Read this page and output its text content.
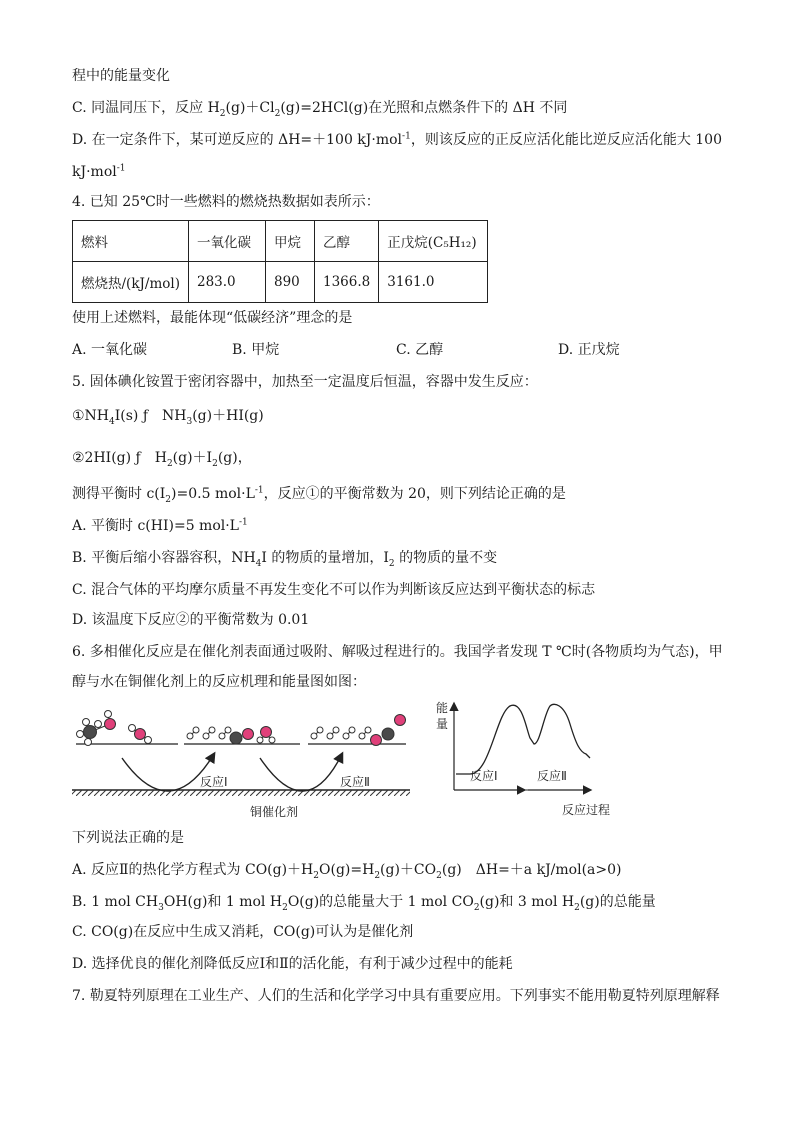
程中的能量变化
C. 同温同压下，反应 $H_2(g)+Cl_2(g)=2HCl(g)$在光照和点燃条件下的 ΔH 不同
D. 在一定条件下，某可逆反应的 ΔH=＋100 kJ·mol$^{-1}$，则该反应的正反应活化能比逆反应活化能大 100
kJ·mol$^{-1}$
4. 已知 25℃时一些燃料的燃烧热数据如表所示：
燃料	一氧化碳	甲烷	乙醇	正戊烷(C₅H₁₂)
燃烧热/(kJ/mol)	283.0	890	1366.8	3161.0
使用上述燃料，最能体现“低碳经济”理念的是
A. 一氧化碳	B. 甲烷	C. 乙醇	D. 正戊烷
5. 固体碘化铵置于密闭容器中，加热至一定温度后恒温，容器中发生反应：
$①NH_4I(s)$ ƒ　$NH_3(g)+HI(g)$
②2HI(g) ƒ　$H_2(g)+I_2(g)$，
测得平衡时 $c(I_2)=0.5$ $mol\cdot L^{-1}$，反应①的平衡常数为 20，则下列结论正确的是
A. 平衡时 c(HI)=5 $mol\cdot L^{-1}$
B. 平衡后缩小容器容积，$NH_4I$ 的物质的量增加，$I_2$ 的物质的量不变
C. 混合气体的平均摩尔质量不再发生变化不可以作为判断该反应达到平衡状态的标志
D. 该温度下反应②的平衡常数为 0.01
6. 多相催化反应是在催化剂表面通过吸附、解吸过程进行的。我国学者发现 T ℃时(各物质均为气态)，甲
醇与水在铜催化剂上的反应机理和能量图如图：
反应Ⅰ	反应Ⅱ
铜催化剂
能
量
反应Ⅰ	反应Ⅱ
反应过程
下列说法正确的是
A. 反应Ⅱ的热化学方程式为 $CO(g)+H_2O(g)=H_2(g)+CO_2(g)$　ΔH=＋a kJ/mol(a>0)
B. 1 mol $CH_3OH(g)$和 1 mol $H_2O(g)$的总能量大于 1 mol $CO_2(g)$和 3 mol $H_2(g)$的总能量
C. CO(g)在反应中生成又消耗，CO(g)可认为是催化剂
D. 选择优良的催化剂降低反应Ⅰ和Ⅱ的活化能，有利于减少过程中的能耗
7. 勒夏特列原理在工业生产、人们的生活和化学学习中具有重要应用。下列事实不能用勒夏特列原理解释
